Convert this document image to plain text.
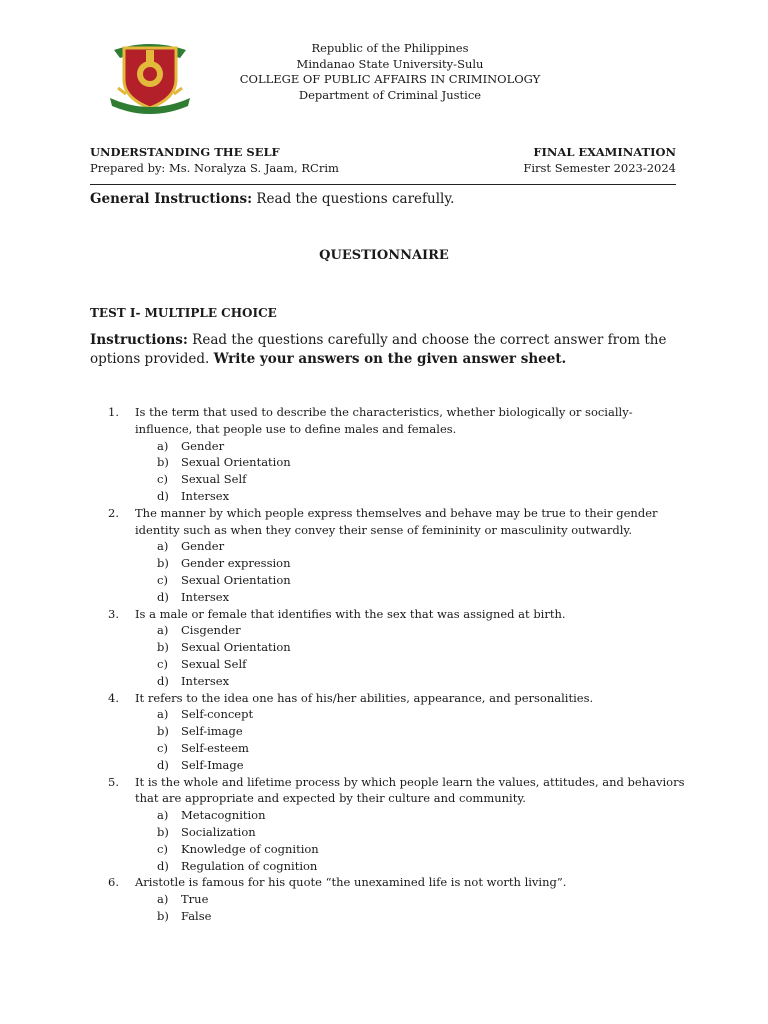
Republic of the Philippines
Mindanao State University-Sulu
COLLEGE OF PUBLIC AFFAIRS IN CRIMINOLOGY
Department of Criminal Justice
UNDERSTANDING THE SELF	FINAL EXAMINATION
Prepared by: Ms. Noralyza S. Jaam, RCrim	First Semester 2023-2024
General Instructions: Read the questions carefully.
QUESTIONNAIRE
TEST I- MULTIPLE CHOICE
Instructions: Read the questions carefully and choose the correct answer from the options provided. Write your answers on the given answer sheet.
1.	Is the term that used to describe the characteristics, whether biologically or socially-influence, that people use to define males and females.
a)	Gender
b)	Sexual Orientation
c)	Sexual Self
d)	Intersex
2.	The manner by which people express themselves and behave may be true to their gender identity such as when they convey their sense of femininity or masculinity outwardly.
a)	Gender
b)	Gender expression
c)	Sexual Orientation
d)	Intersex
3.	Is a male or female that identifies with the sex that was assigned at birth.
a)	Cisgender
b)	Sexual Orientation
c)	Sexual Self
d)	Intersex
4.	It refers to the idea one has of his/her abilities, appearance, and personalities.
a)	Self-concept
b)	Self-image
c)	Self-esteem
d)	Self-Image
5.	It is the whole and lifetime process by which people learn the values, attitudes, and behaviors that are appropriate and expected by their culture and community.
a)	Metacognition
b)	Socialization
c)	Knowledge of cognition
d)	Regulation of cognition
6.	Aristotle is famous for his quote “the unexamined life is not worth living”.
a)	True
b)	False
